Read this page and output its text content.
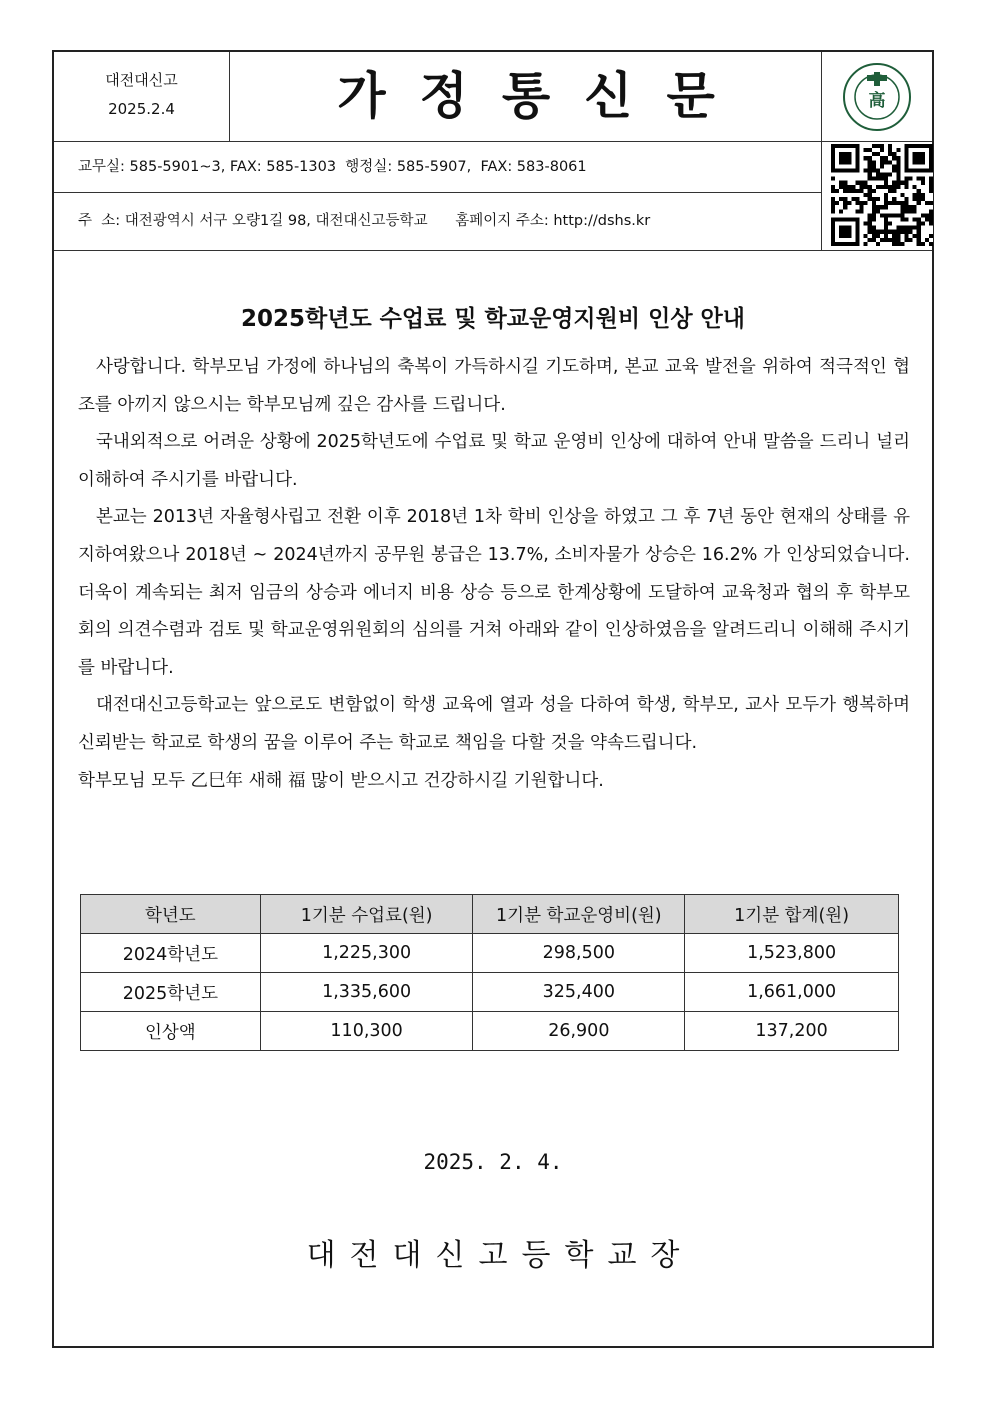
대전대신고
2025.2.4	가정통신문	高
교무실: 585-5901~3, FAX: 585-1303  행정실: 585-5907,  FAX: 583-8061
주  소: 대전광역시 서구 오량1길 98, 대전대신고등학교      홈페이지 주소: http://dshs.kr
2025학년도 수업료 및 학교운영지원비 인상 안내

사랑합니다. 학부모님 가정에 하나님의 축복이 가득하시길 기도하며, 본교 교육 발전을 위하여 적극적인 협조를 아끼지 않으시는 학부모님께 깊은 감사를 드립니다.

국내외적으로 어려운 상황에 2025학년도에 수업료 및 학교 운영비 인상에 대하여 안내 말씀을 드리니 널리 이해하여 주시기를 바랍니다.

본교는 2013년 자율형사립고 전환 이후 2018년 1차 학비 인상을 하였고 그 후 7년 동안 현재의 상태를 유지하여왔으나 2018년 ~ 2024년까지 공무원 봉급은 13.7%, 소비자물가 상승은 16.2% 가 인상되었습니다. 더욱이 계속되는 최저 임금의 상승과 에너지 비용 상승 등으로 한계상황에 도달하여 교육청과 협의 후 학부모회의 의견수렴과 검토 및 학교운영위원회의 심의를 거쳐 아래와 같이 인상하였음을 알려드리니 이해해 주시기를 바랍니다.

대전대신고등학교는 앞으로도 변함없이 학생 교육에 열과 성을 다하여 학생, 학부모, 교사 모두가 행복하며 신뢰받는 학교로 학생의 꿈을 이루어 주는 학교로 책임을 다할 것을 약속드립니다.

학부모님 모두 乙巳年 새해 福 많이 받으시고 건강하시길 기원합니다.

학년도	1기분 수업료(원)	1기분 학교운영비(원)	1기분 합계(원)
2024학년도	1,225,300	298,500	1,523,800
2025학년도	1,335,600	325,400	1,661,000
인상액	110,300	26,900	137,200
2025. 2. 4.
대전대신고등학교장
